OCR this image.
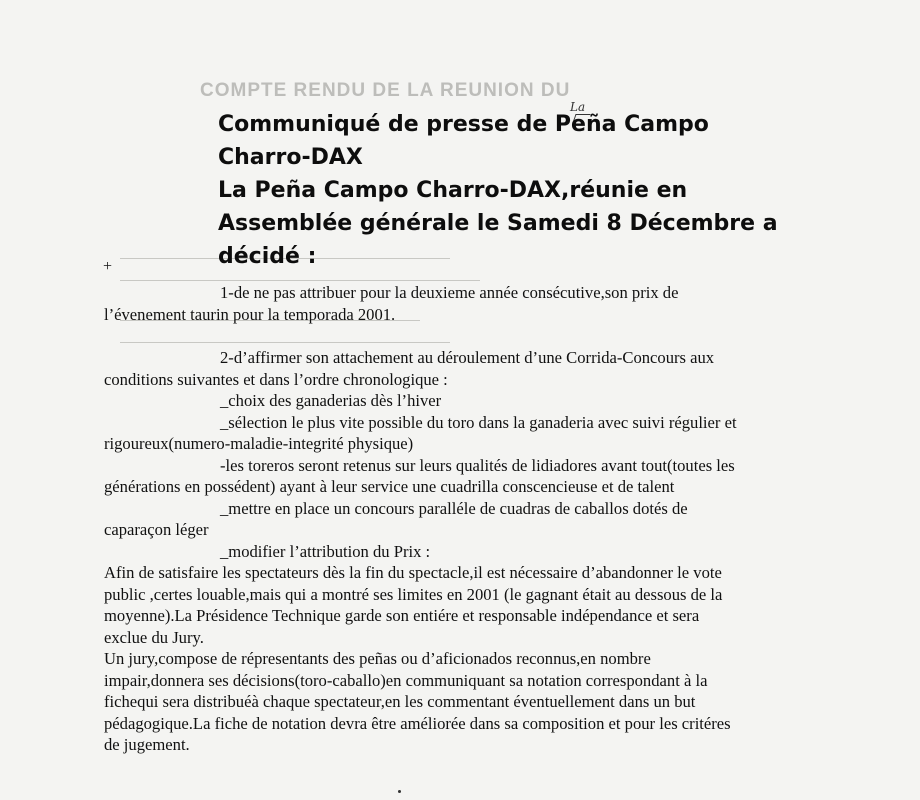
COMPTE RENDU DE LA REUNION DU
La
Communiqué de presse de Peña Campo
Charro-DAX
La Peña Campo Charro-DAX,réunie en
Assemblée générale le Samedi 8 Décembre a
décidé :
+

1-de ne pas attribuer pour la deuxieme année consécutive,son prix de

l’évenement taurin pour la temporada 2001.

2-d’affirmer son attachement au déroulement d’une Corrida-Concours aux

conditions suivantes et dans l’ordre chronologique :

_choix des ganaderias dès l’hiver

_sélection le plus vite possible du toro dans la ganaderia avec suivi régulier et

rigoureux(numero-maladie-integrité physique)

-les toreros seront retenus sur leurs qualités de lidiadores avant tout(toutes les

générations en possédent) ayant à leur service une cuadrilla conscencieuse et de talent

_mettre en place un concours paralléle de cuadras de caballos dotés de

caparaçon léger

_modifier l’attribution du Prix :

Afin de satisfaire les spectateurs dès la fin du spectacle,il est nécessaire d’abandonner le vote

public ,certes louable,mais qui a montré ses limites en 2001 (le gagnant était au dessous de la

moyenne).La Présidence Technique garde son entiére et responsable indépendance et sera

exclue du Jury.

Un jury,compose de répresentants des peñas ou d’aficionados reconnus,en nombre

impair,donnera ses décisions(toro-caballo)en communiquant sa notation correspondant à la

fichequi sera distribuéà chaque spectateur,en les commentant éventuellement dans un but

pédagogique.La fiche de notation devra être améliorée dans sa composition et pour les critéres

de jugement.
